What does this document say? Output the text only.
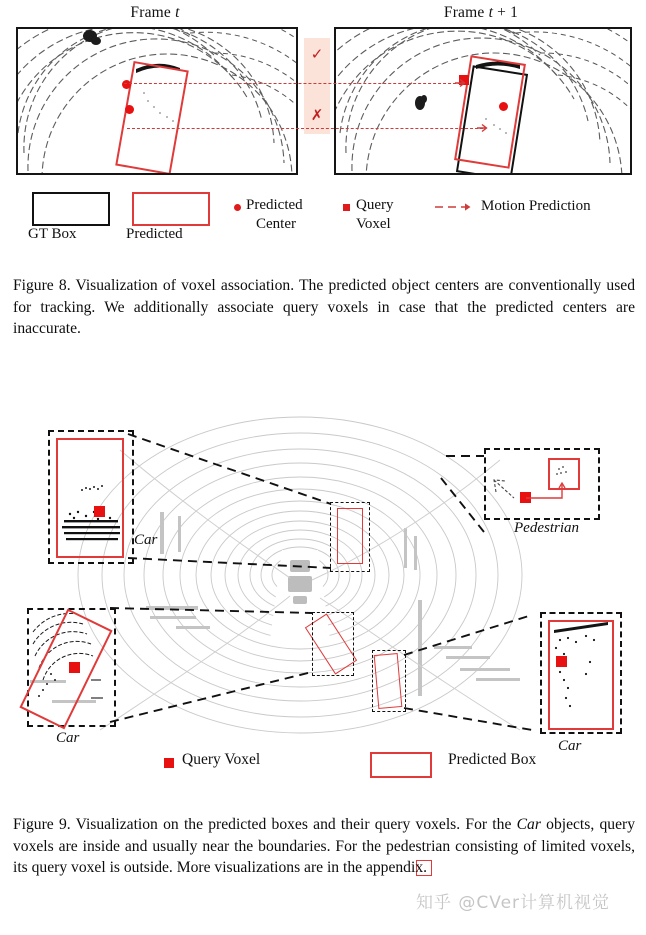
Frame t	Frame t + 1
✓
✗
GT Box	Predicted
Predicted
Center
Query
Voxel
Motion Prediction
Figure 8. Visualization of voxel association. The predicted object centers are conventionally used for tracking. We additionally associate query voxels in case that the predicted centers are inaccurate.
Car
Pedestrian
Car	Car
Query Voxel	Predicted Box
Figure 9. Visualization on the predicted boxes and their query voxels. For the Car objects, query voxels are inside and usually near the boundaries. For the pedestrian consisting of limited voxels, its query voxel is outside. More visualizations are in the appendix.
知乎 @CVer计算机视觉
